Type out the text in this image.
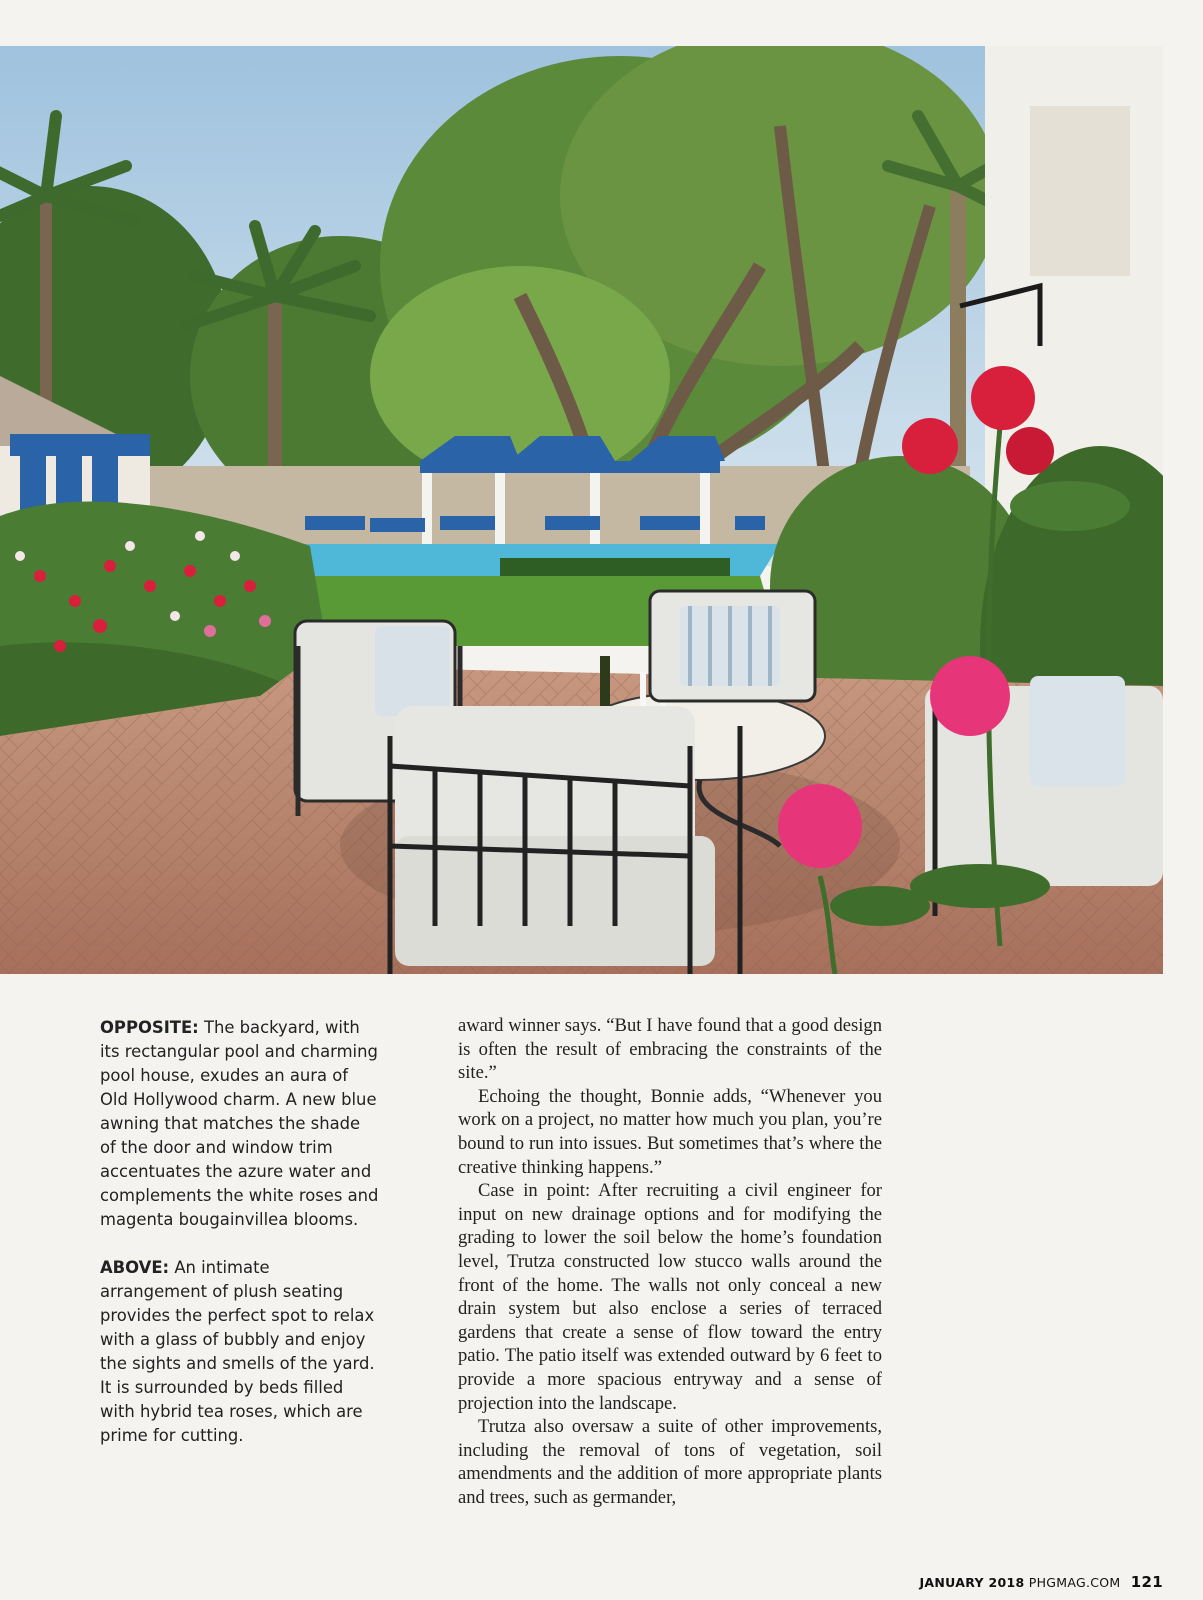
OPPOSITE: The backyard, with its rectangular pool and charming pool house, exudes an aura of Old Hollywood charm. A new blue awning that matches the shade of the door and window trim accentuates the azure water and complements the white roses and magenta bougainvillea blooms.

ABOVE: An intimate arrangement of plush seating provides the perfect spot to relax with a glass of bubbly and enjoy the sights and smells of the yard. It is surrounded by beds filled with hybrid tea roses, which are prime for cutting.

award winner says. “But I have found that a good design is often the result of embracing the constraints of the site.”

Echoing the thought, Bonnie adds, “Whenever you work on a project, no matter how much you plan, you’re bound to run into issues. But sometimes that’s where the creative thinking happens.”

Case in point: After recruiting a civil engineer for input on new drainage options and for modifying the grading to lower the soil below the home’s foundation level, Trutza constructed low stucco walls around the front of the home. The walls not only conceal a new drain system but also enclose a series of terraced gardens that create a sense of flow toward the entry patio. The patio itself was extended outward by 6 feet to provide a more spacious entryway and a sense of projection into the landscape.

Trutza also oversaw a suite of other improvements, including the removal of tons of vegetation, soil amendments and the addition of more appropriate plants and trees, such as germander,

JANUARY 2018 PHGMAG.COM 121
